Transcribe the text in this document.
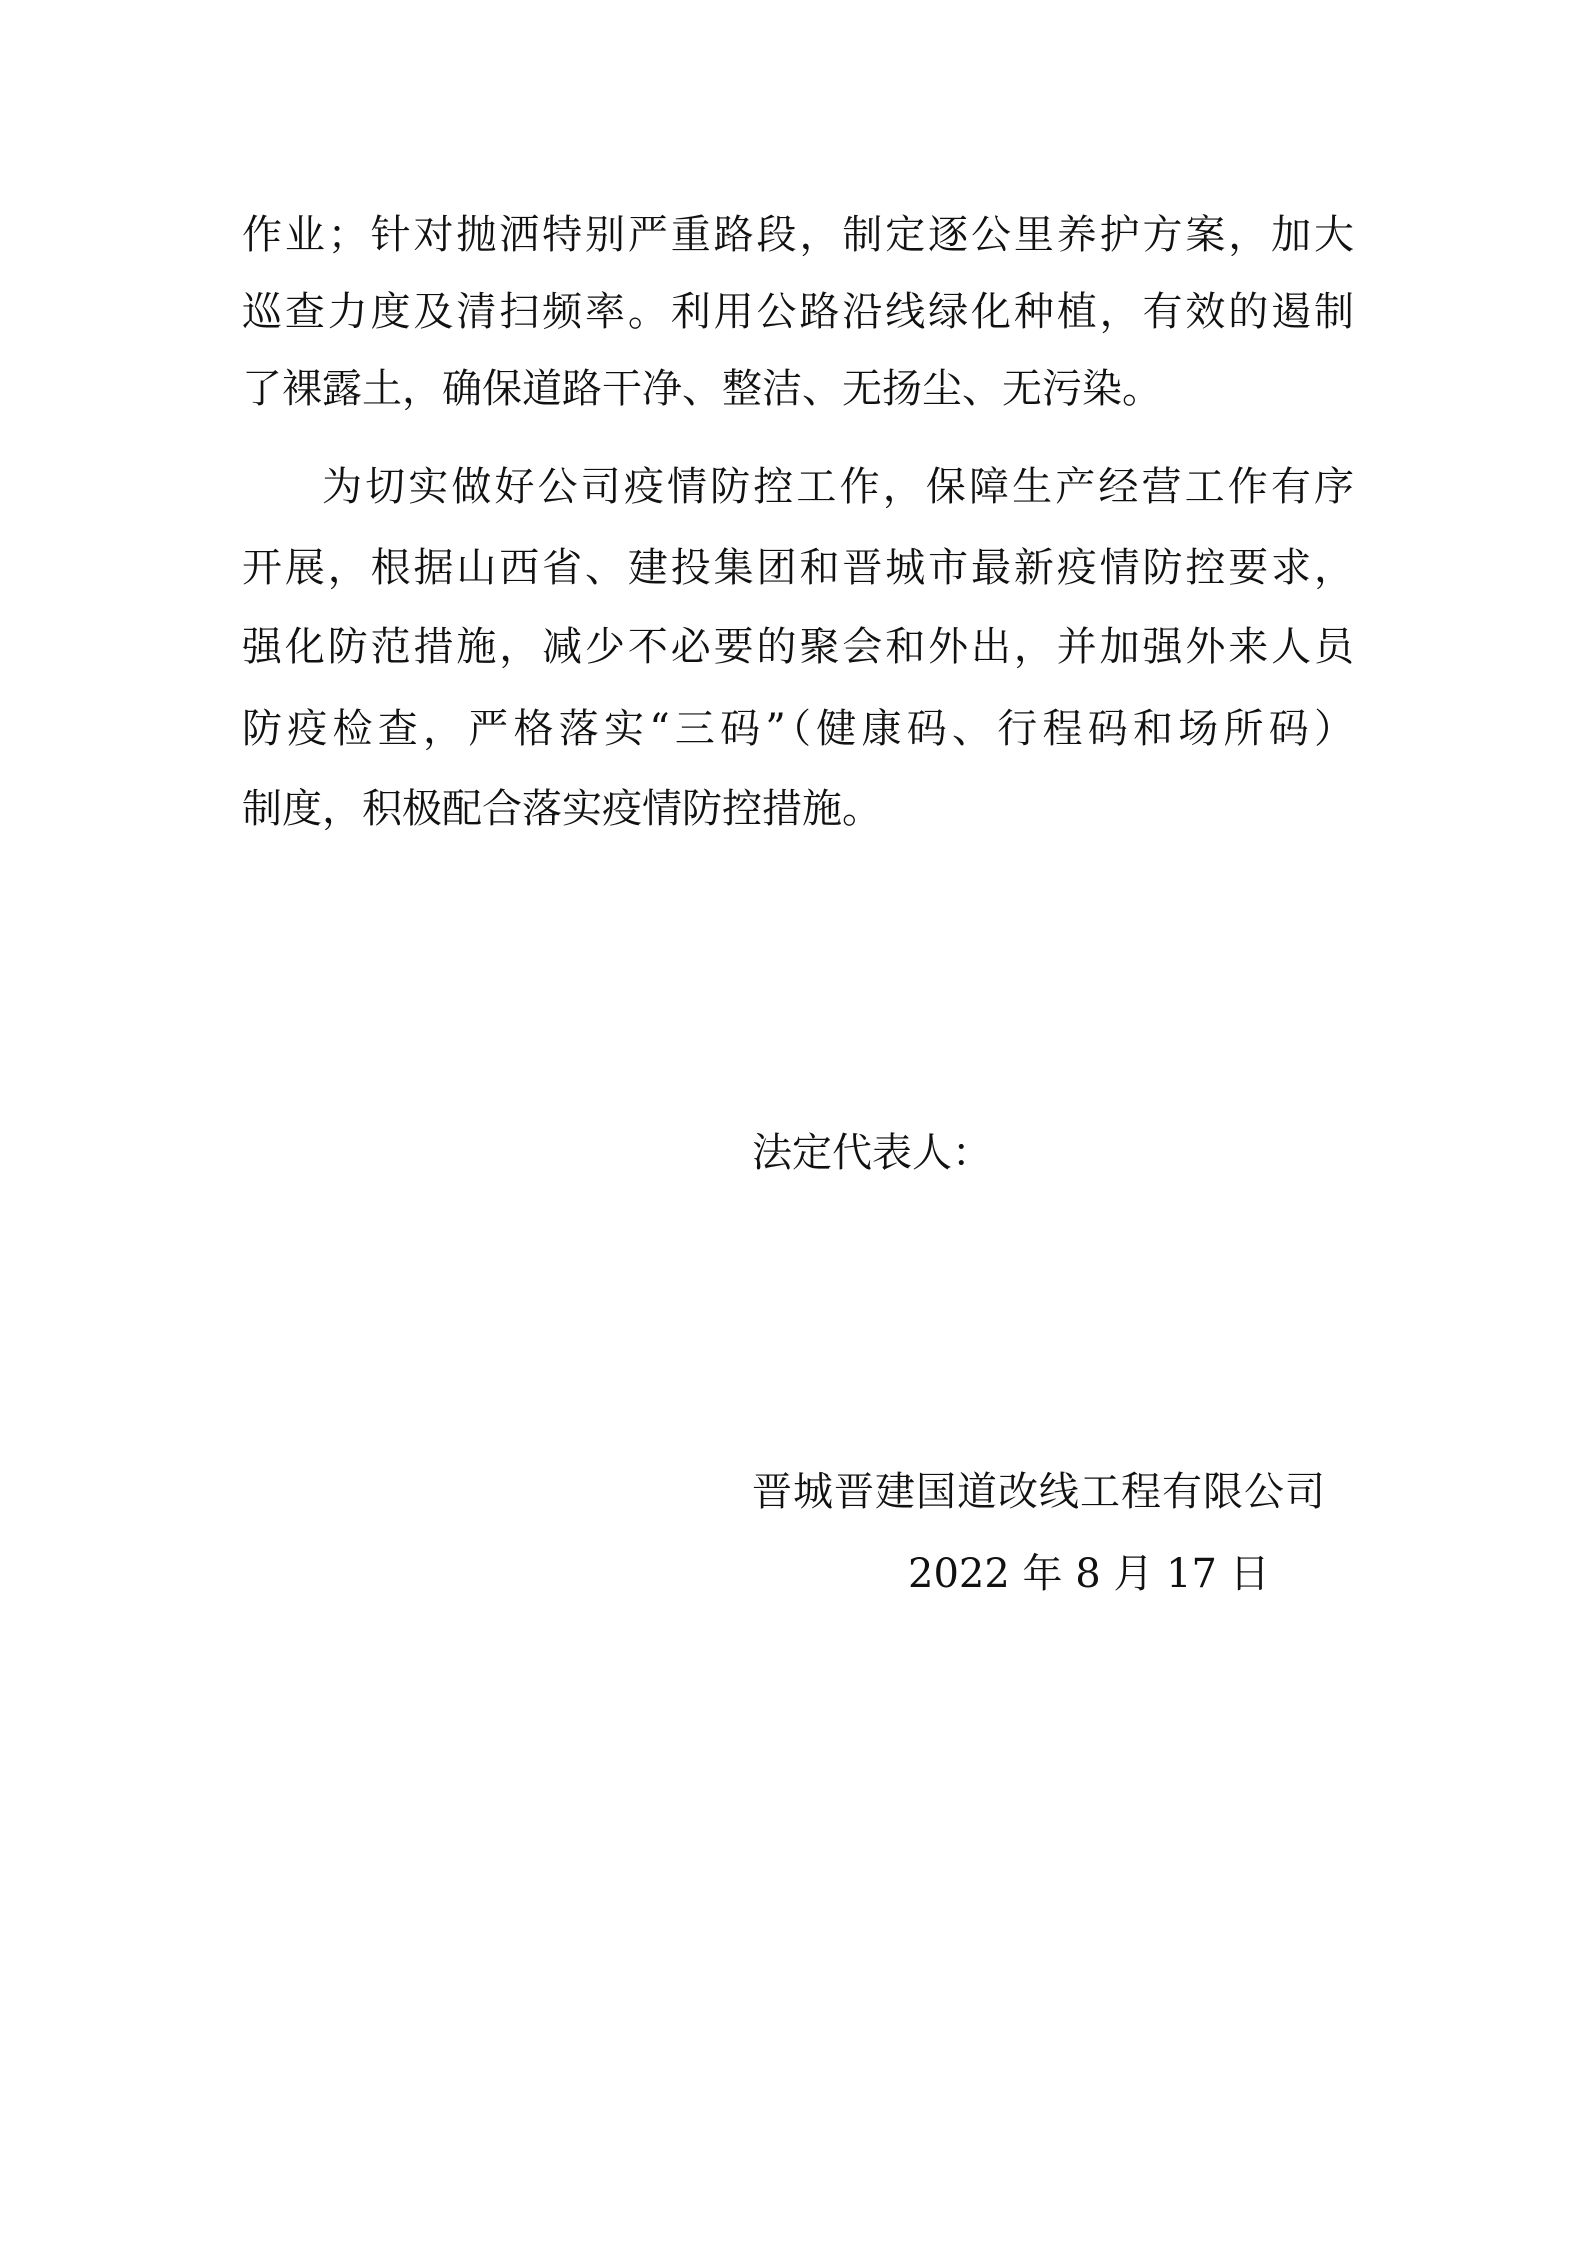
作业；针对抛洒特别严重路段，制定逐公里养护方案，加大
巡查力度及清扫频率。利用公路沿线绿化种植，有效的遏制
了裸露土，确保道路干净、整洁、无扬尘、无污染。
为切实做好公司疫情防控工作，保障生产经营工作有序
开展，根据山西省、建投集团和晋城市最新疫情防控要求，
强化防范措施，减少不必要的聚会和外出，并加强外来人员
防疫检查，严格落实“三码”（健康码、行程码和场所码）
制度，积极配合落实疫情防控措施。
法定代表人：
晋城晋建国道改线工程有限公司
2022 年 8 月 17 日
